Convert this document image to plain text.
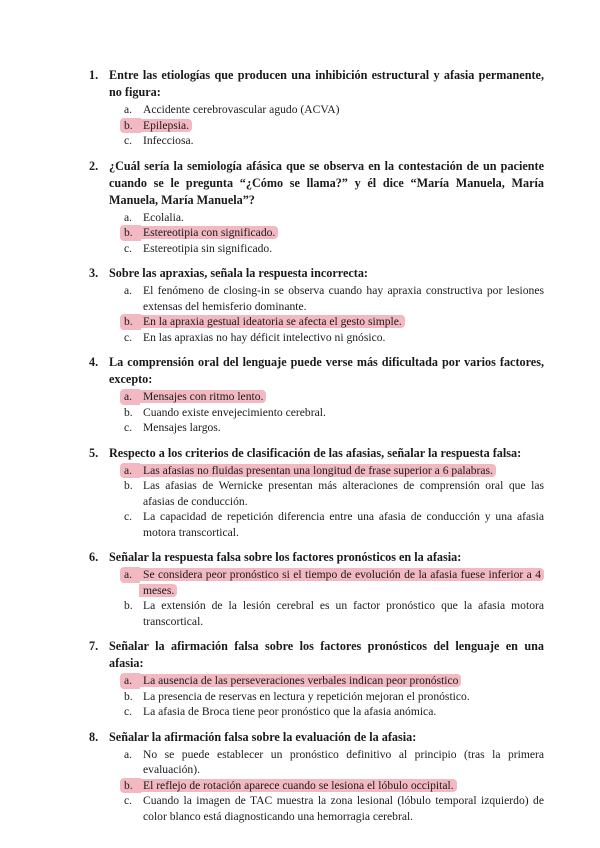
1. Entre las etiologías que producen una inhibición estructural y afasia permanente, no figura:
a. Accidente cerebrovascular agudo (ACVA)
b. Epilepsia.
c. Infecciosa.
2. ¿Cuál sería la semiología afásica que se observa en la contestación de un paciente cuando se le pregunta “¿Cómo se llama?” y él dice “María Manuela, María Manuela, María Manuela”?
a. Ecolalia.
b. Estereotipia con significado.
c. Estereotipia sin significado.
3. Sobre las apraxias, señala la respuesta incorrecta:
a. El fenómeno de closing-in se observa cuando hay apraxia constructiva por lesiones extensas del hemisferio dominante.
b. En la apraxia gestual ideatoria se afecta el gesto simple.
c. En las apraxias no hay déficit intelectivo ni gnósico.
4. La comprensión oral del lenguaje puede verse más dificultada por varios factores, excepto:
a. Mensajes con ritmo lento.
b. Cuando existe envejecimiento cerebral.
c. Mensajes largos.
5. Respecto a los criterios de clasificación de las afasias, señalar la respuesta falsa:
a. Las afasias no fluidas presentan una longitud de frase superior a 6 palabras.
b. Las afasias de Wernicke presentan más alteraciones de comprensión oral que las afasias de conducción.
c. La capacidad de repetición diferencia entre una afasia de conducción y una afasia motora transcortical.
6. Señalar la respuesta falsa sobre los factores pronósticos en la afasia:
a. Se considera peor pronóstico si el tiempo de evolución de la afasia fuese inferior a 4 meses.
b. La extensión de la lesión cerebral es un factor pronóstico que la afasia motora transcortical.
7. Señalar la afirmación falsa sobre los factores pronósticos del lenguaje en una afasia:
a. La ausencia de las perseveraciones verbales indican peor pronóstico
b. La presencia de reservas en lectura y repetición mejoran el pronóstico.
c. La afasia de Broca tiene peor pronóstico que la afasia anómica.
8. Señalar la afirmación falsa sobre la evaluación de la afasia:
a. No se puede establecer un pronóstico definitivo al principio (tras la primera evaluación).
b. El reflejo de rotación aparece cuando se lesiona el lóbulo occipital.
c. Cuando la imagen de TAC muestra la zona lesional (lóbulo temporal izquierdo) de color blanco está diagnosticando una hemorragia cerebral.
